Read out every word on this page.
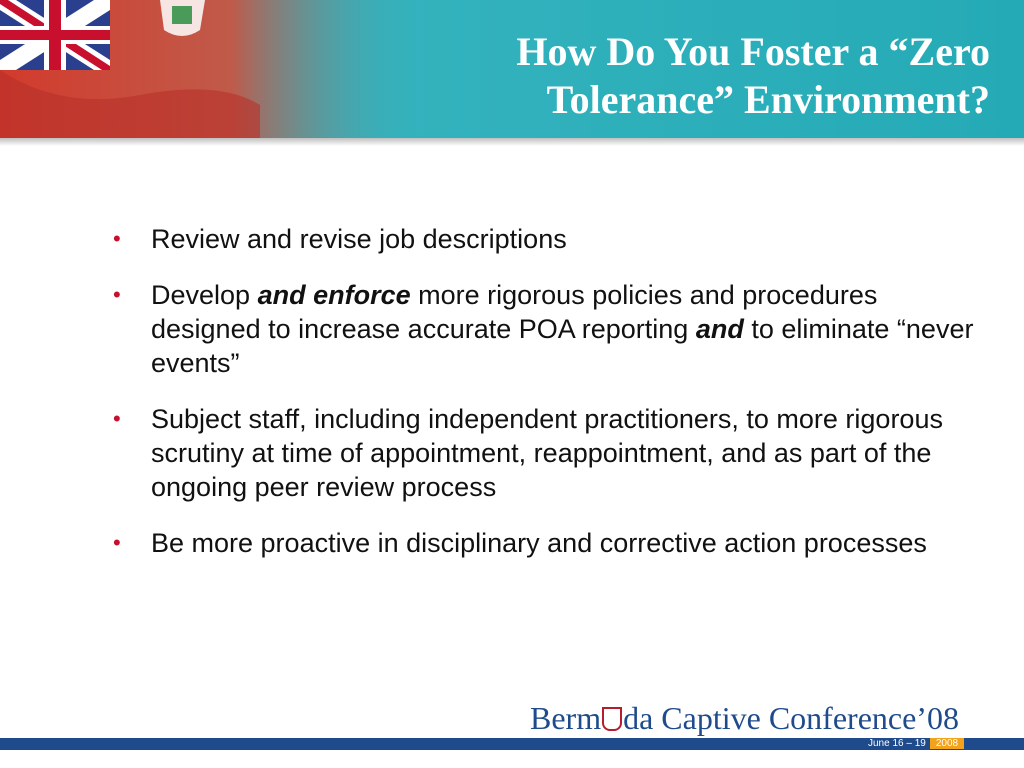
How Do You Foster a “Zero
Tolerance” Environment?
• Review and revise job descriptions
• Develop and enforce more rigorous policies and procedures designed to increase accurate POA reporting and to eliminate “never events”
• Subject staff, including independent practitioners, to more rigorous scrutiny at time of appointment, reappointment, and as part of the ongoing peer review process
• Be more proactive in disciplinary and corrective action processes
Berm da Captive Conference’08
June 16 – 19 2008
